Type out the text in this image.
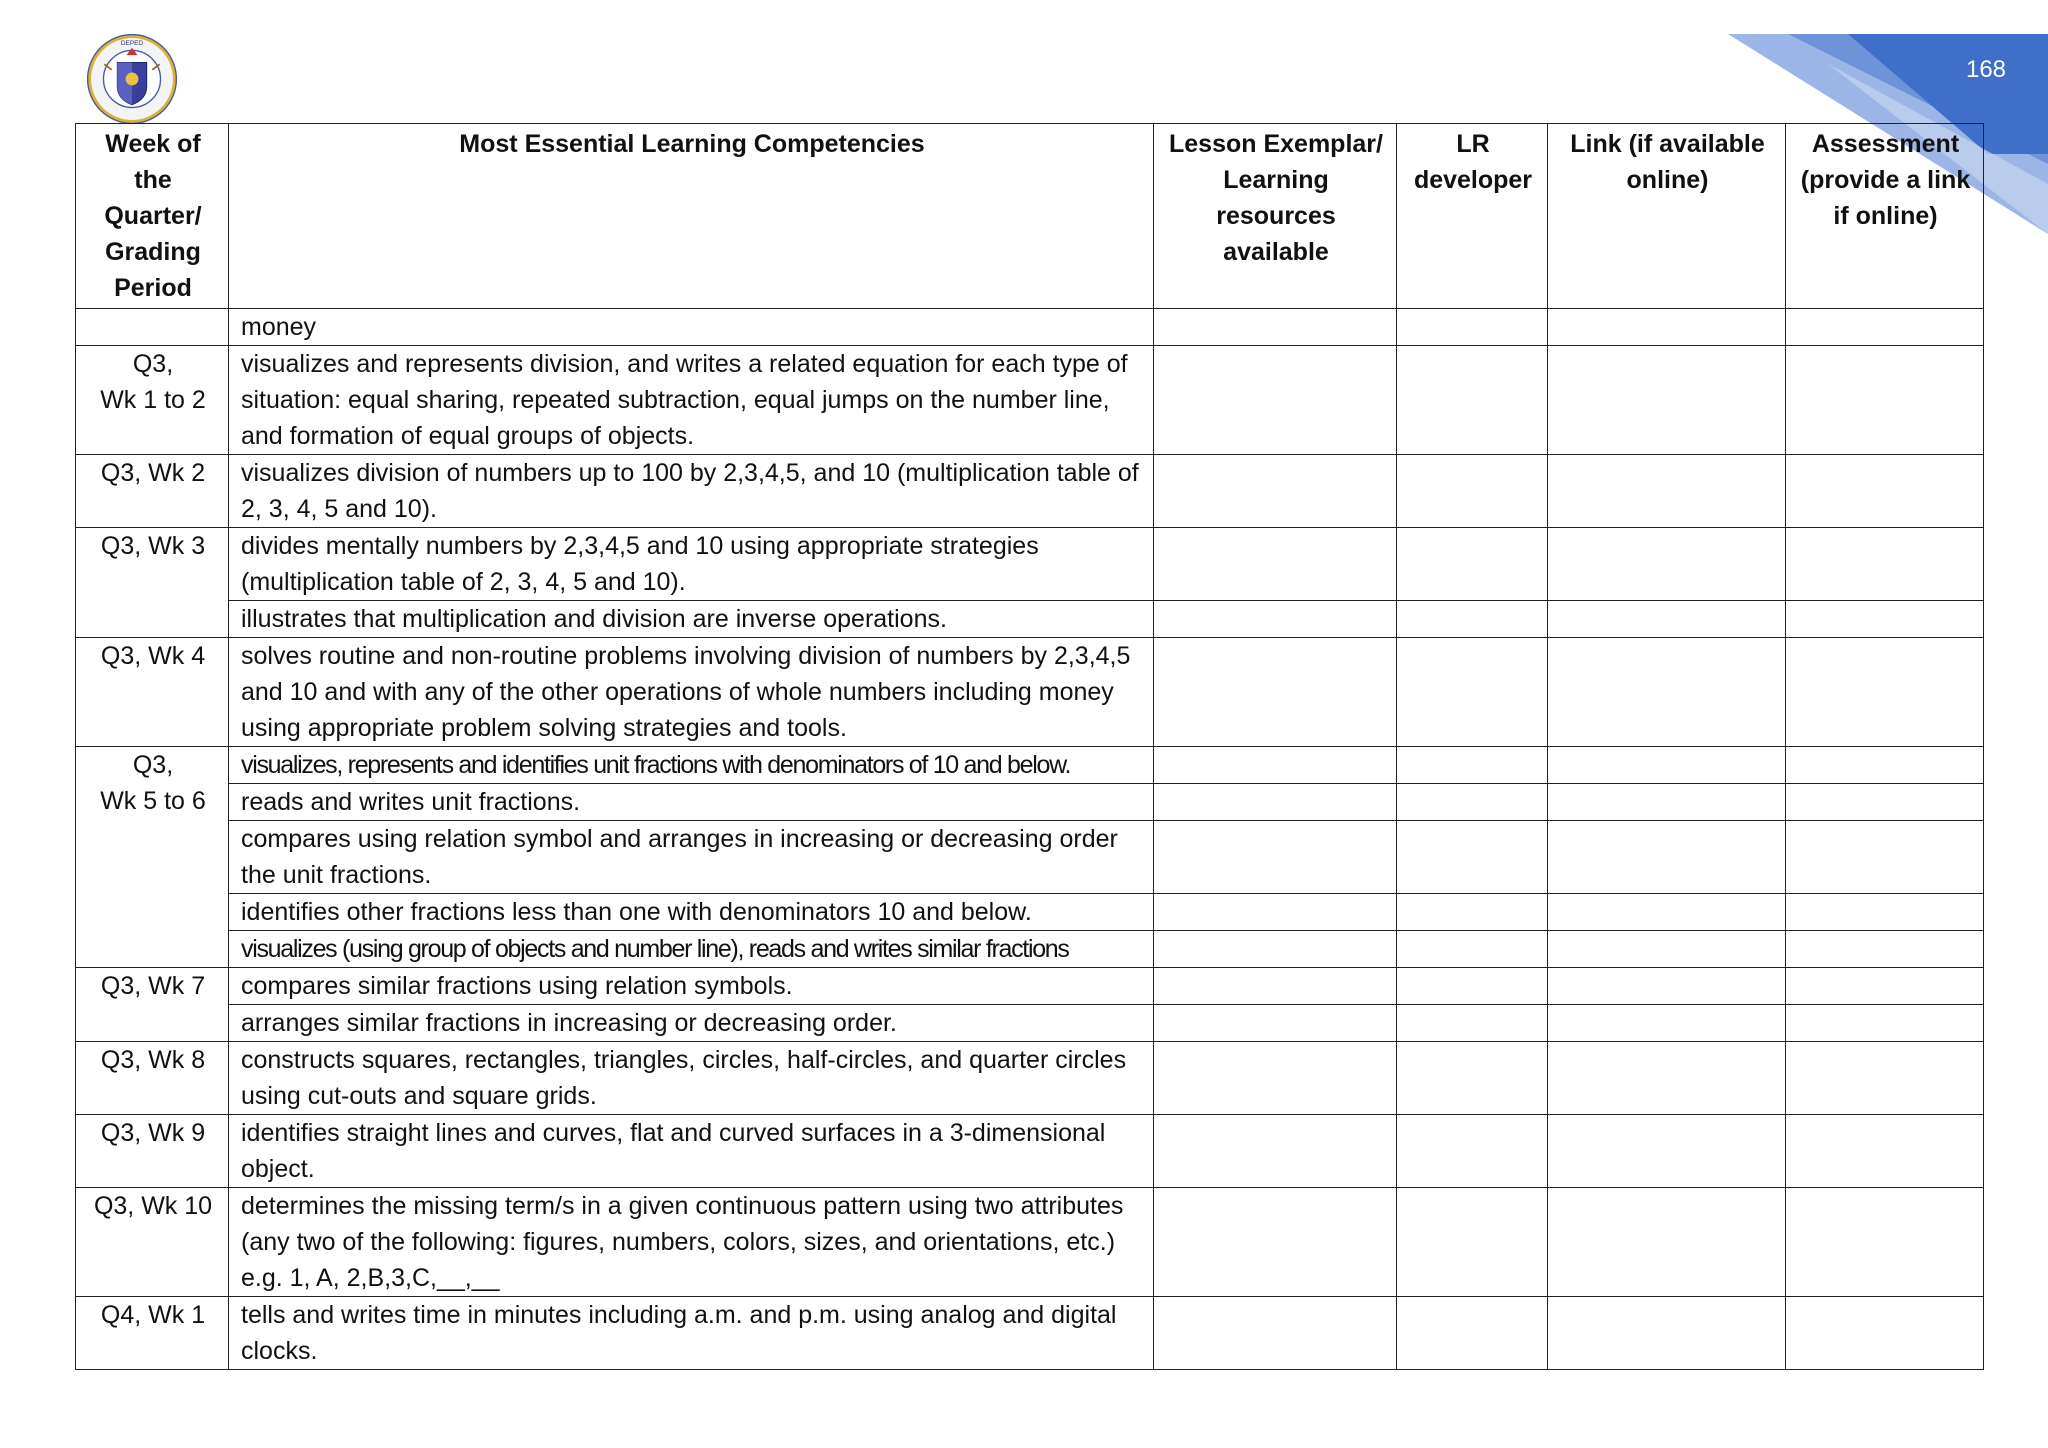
DEPED
168
Week of the Quarter/ Grading Period	Most Essential Learning Competencies	Lesson Exemplar/ Learning resources available	LR developer	Link (if available online)	Assessment (provide a link if online)
	money				
Q3,
Wk 1 to 2	visualizes and represents division, and writes a related equation for each type of situation: equal sharing, repeated subtraction, equal jumps on the number line, and formation of equal groups of objects.				
Q3, Wk 2	visualizes division of numbers up to 100 by 2,3,4,5, and 10 (multiplication table of 2, 3, 4, 5 and 10).				
Q3, Wk 3	divides mentally numbers by 2,3,4,5 and 10 using appropriate strategies (multiplication table of 2, 3, 4, 5 and 10).				
	illustrates that multiplication and division are inverse operations.				
Q3, Wk 4	solves routine and non-routine problems involving division of numbers by 2,3,4,5 and 10 and with any of the other operations of whole numbers including money using appropriate problem solving strategies and tools.				
Q3,
Wk 5 to 6	visualizes, represents and identifies unit fractions with denominators of 10 and below.				
	reads and writes unit fractions.				
	compares using relation symbol and arranges in increasing or decreasing order the unit fractions.				
	identifies other fractions less than one with denominators 10 and below.				
	visualizes (using group of objects and number line), reads and writes similar fractions				
Q3, Wk 7	compares similar fractions using relation symbols.				
	arranges similar fractions in increasing or decreasing order.				
Q3, Wk 8	constructs squares, rectangles, triangles, circles, half-circles, and quarter circles using cut-outs and square grids.				
Q3, Wk 9	identifies straight lines and curves, flat and curved surfaces in a 3-dimensional object.				
Q3, Wk 10	determines the missing term/s in a given continuous pattern using two attributes (any two of the following: figures, numbers, colors, sizes, and orientations, etc.) e.g. 1, A, 2,B,3,C,__,__				
Q4, Wk 1	tells and writes time in minutes including a.m. and p.m. using analog and digital clocks.				
